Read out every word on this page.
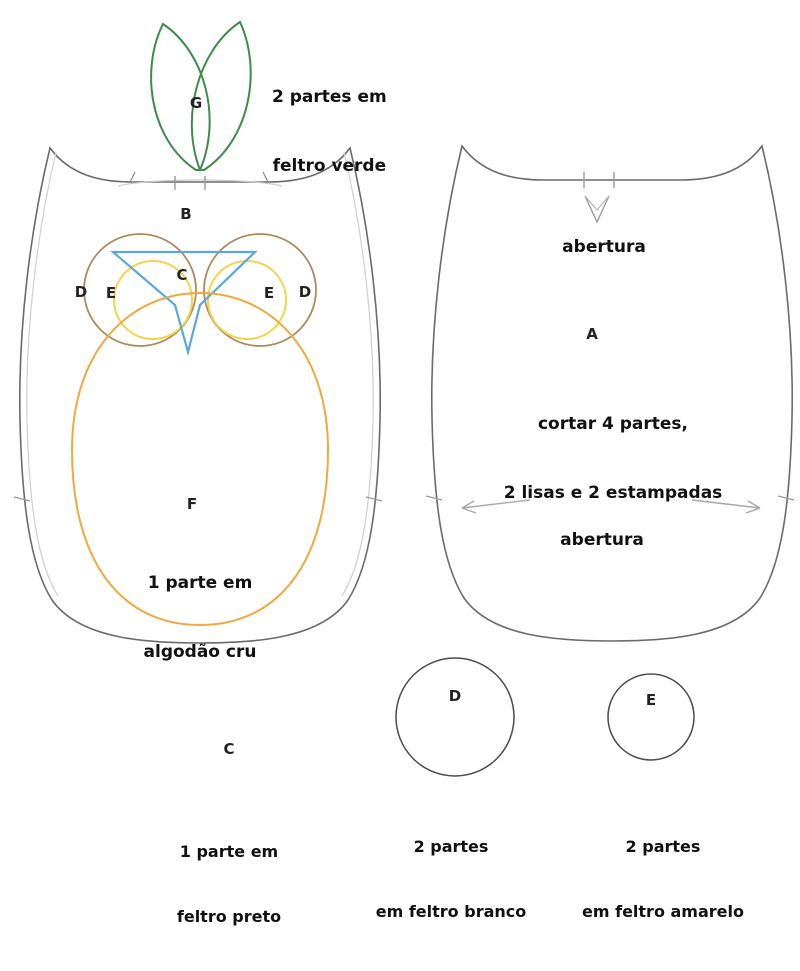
2 partes em

feltro verde

G
B
C
D E	E D
F

1 parte em

algodão cru

abertura
A

cortar 4 partes,

2 lisas e 2 estampadas

abertura
D	E
C

1 parte em

feltro preto

2 partes

em feltro branco

2 partes

em feltro amarelo
